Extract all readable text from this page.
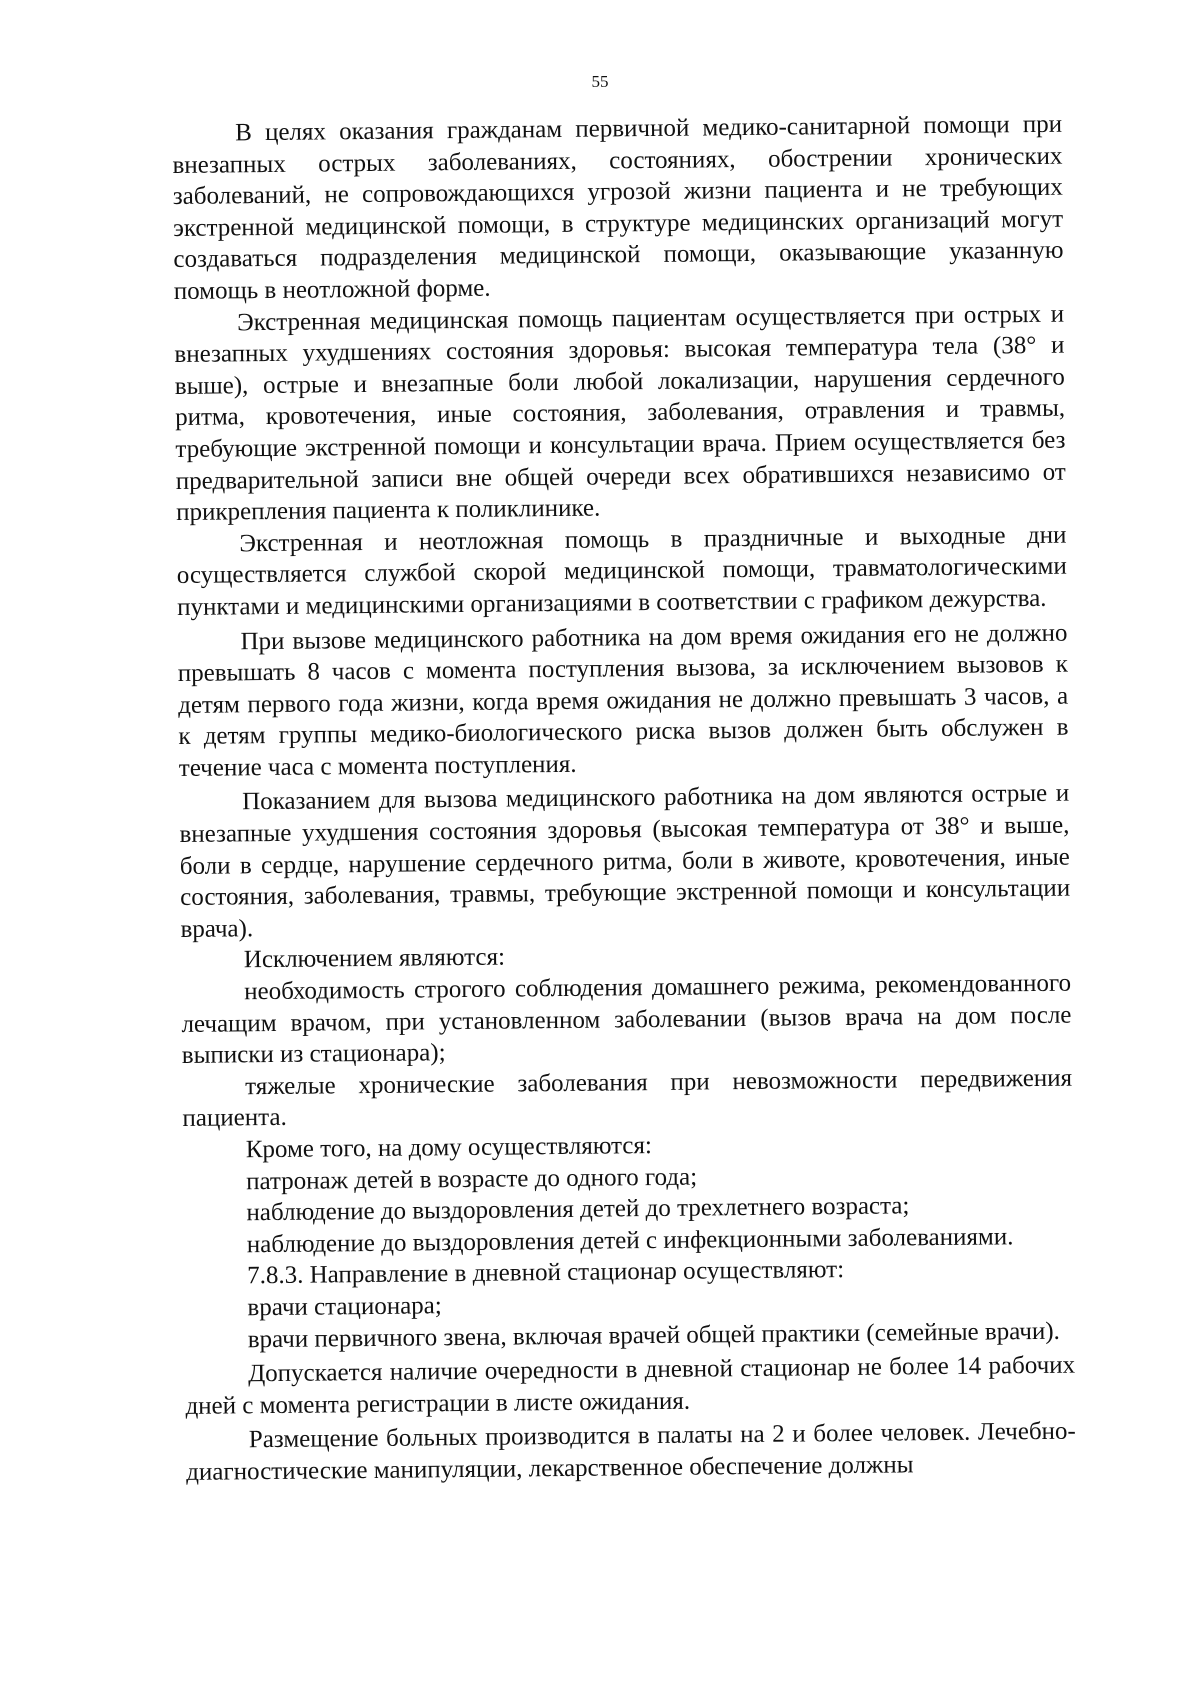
55

В целях оказания гражданам первичной медико-санитарной помощи при внезапных острых заболеваниях, состояниях, обострении хронических заболеваний, не сопровождающихся угрозой жизни пациента и не требующих экстренной медицинской помощи, в структуре медицинских организаций могут создаваться подразделения медицинской помощи, оказывающие указанную помощь в неотложной форме.

Экстренная медицинская помощь пациентам осуществляется при острых и внезапных ухудшениях состояния здоровья: высокая температура тела (38° и выше), острые и внезапные боли любой локализации, нарушения сердечного ритма, кровотечения, иные состояния, заболевания, отравления и травмы, требующие экстренной помощи и консультации врача. Прием осуществляется без предварительной записи вне общей очереди всех обратившихся независимо от прикрепления пациента к поликлинике.

Экстренная и неотложная помощь в праздничные и выходные дни осуществляется службой скорой медицинской помощи, травматологическими пунктами и медицинскими организациями в соответствии с графиком дежурства.

При вызове медицинского работника на дом время ожидания его не должно превышать 8 часов с момента поступления вызова, за исключением вызовов к детям первого года жизни, когда время ожидания не должно превышать 3 часов, а к детям группы медико-биологического риска вызов должен быть обслужен в течение часа с момента поступления.

Показанием для вызова медицинского работника на дом являются острые и внезапные ухудшения состояния здоровья (высокая температура от 38° и выше, боли в сердце, нарушение сердечного ритма, боли в животе, кровотечения, иные состояния, заболевания, травмы, требующие экстренной помощи и консультации врача).

Исключением являются:

необходимость строгого соблюдения домашнего режима, рекомендованного лечащим врачом, при установленном заболевании (вызов врача на дом после выписки из стационара);

тяжелые хронические заболевания при невозможности передвижения пациента.

Кроме того, на дому осуществляются:

патронаж детей в возрасте до одного года;

наблюдение до выздоровления детей до трехлетнего возраста;

наблюдение до выздоровления детей с инфекционными заболеваниями.

7.8.3. Направление в дневной стационар осуществляют:

врачи стационара;

врачи первичного звена, включая врачей общей практики (семейные врачи).

Допускается наличие очередности в дневной стационар не более 14 рабочих дней с момента регистрации в листе ожидания.

Размещение больных производится в палаты на 2 и более человек. Лечебно-диагностические манипуляции, лекарственное обеспечение должны
